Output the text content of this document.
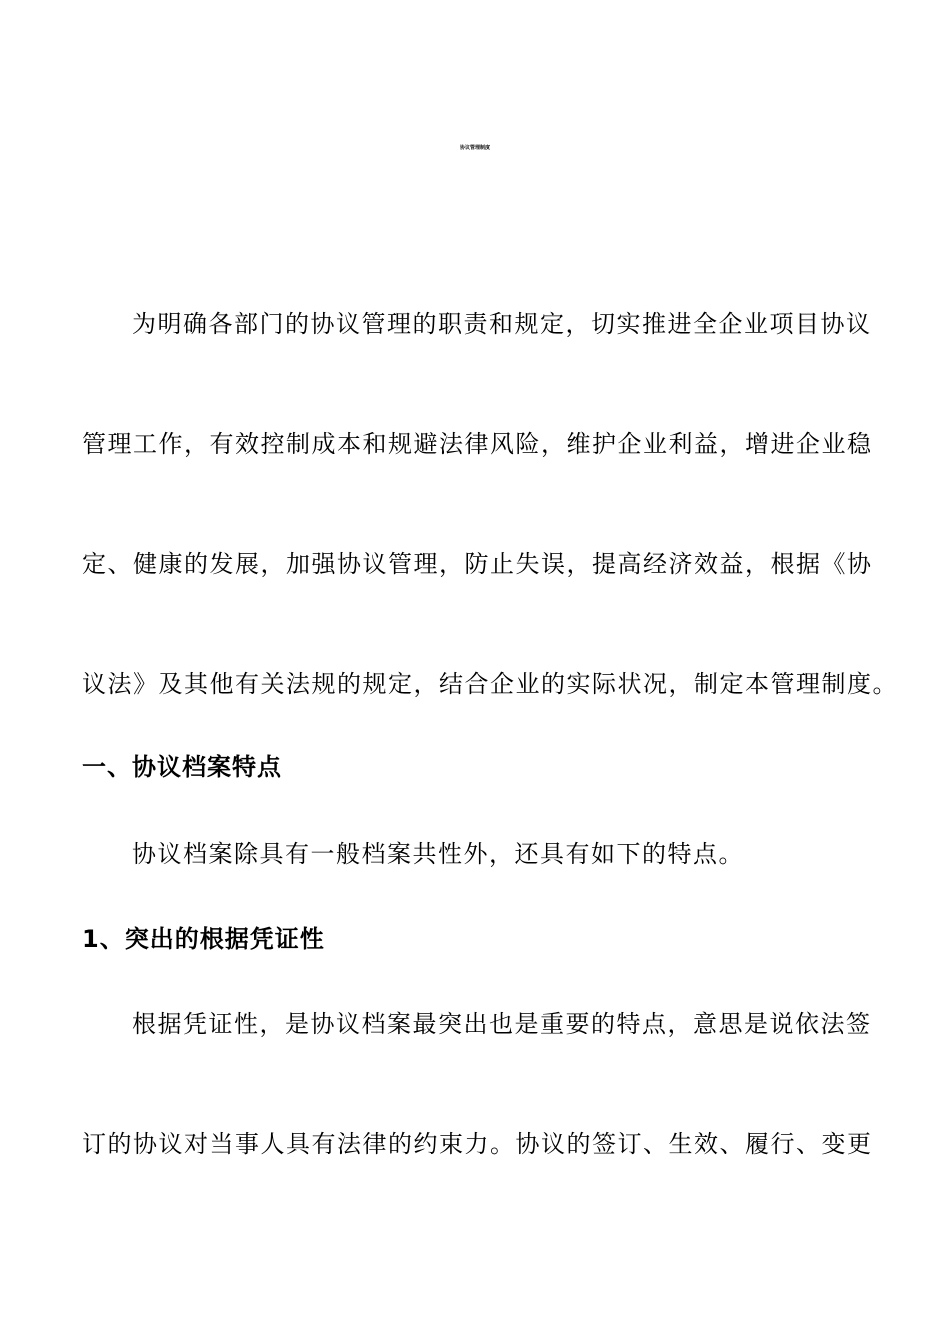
协议管理制度

为明确各部门的协议管理的职责和规定，切实推进全企业项目协议

管理工作，有效控制成本和规避法律风险，维护企业利益，增进企业稳

定、健康的发展，加强协议管理，防止失误，提高经济效益，根据《协

议法》及其他有关法规的规定，结合企业的实际状况，制定本管理制度。

一、协议档案特点

协议档案除具有一般档案共性外，还具有如下的特点。

1、突出的根据凭证性

根据凭证性，是协议档案最突出也是重要的特点，意思是说依法签

订的协议对当事人具有法律的约束力。协议的签订、生效、履行、变更
